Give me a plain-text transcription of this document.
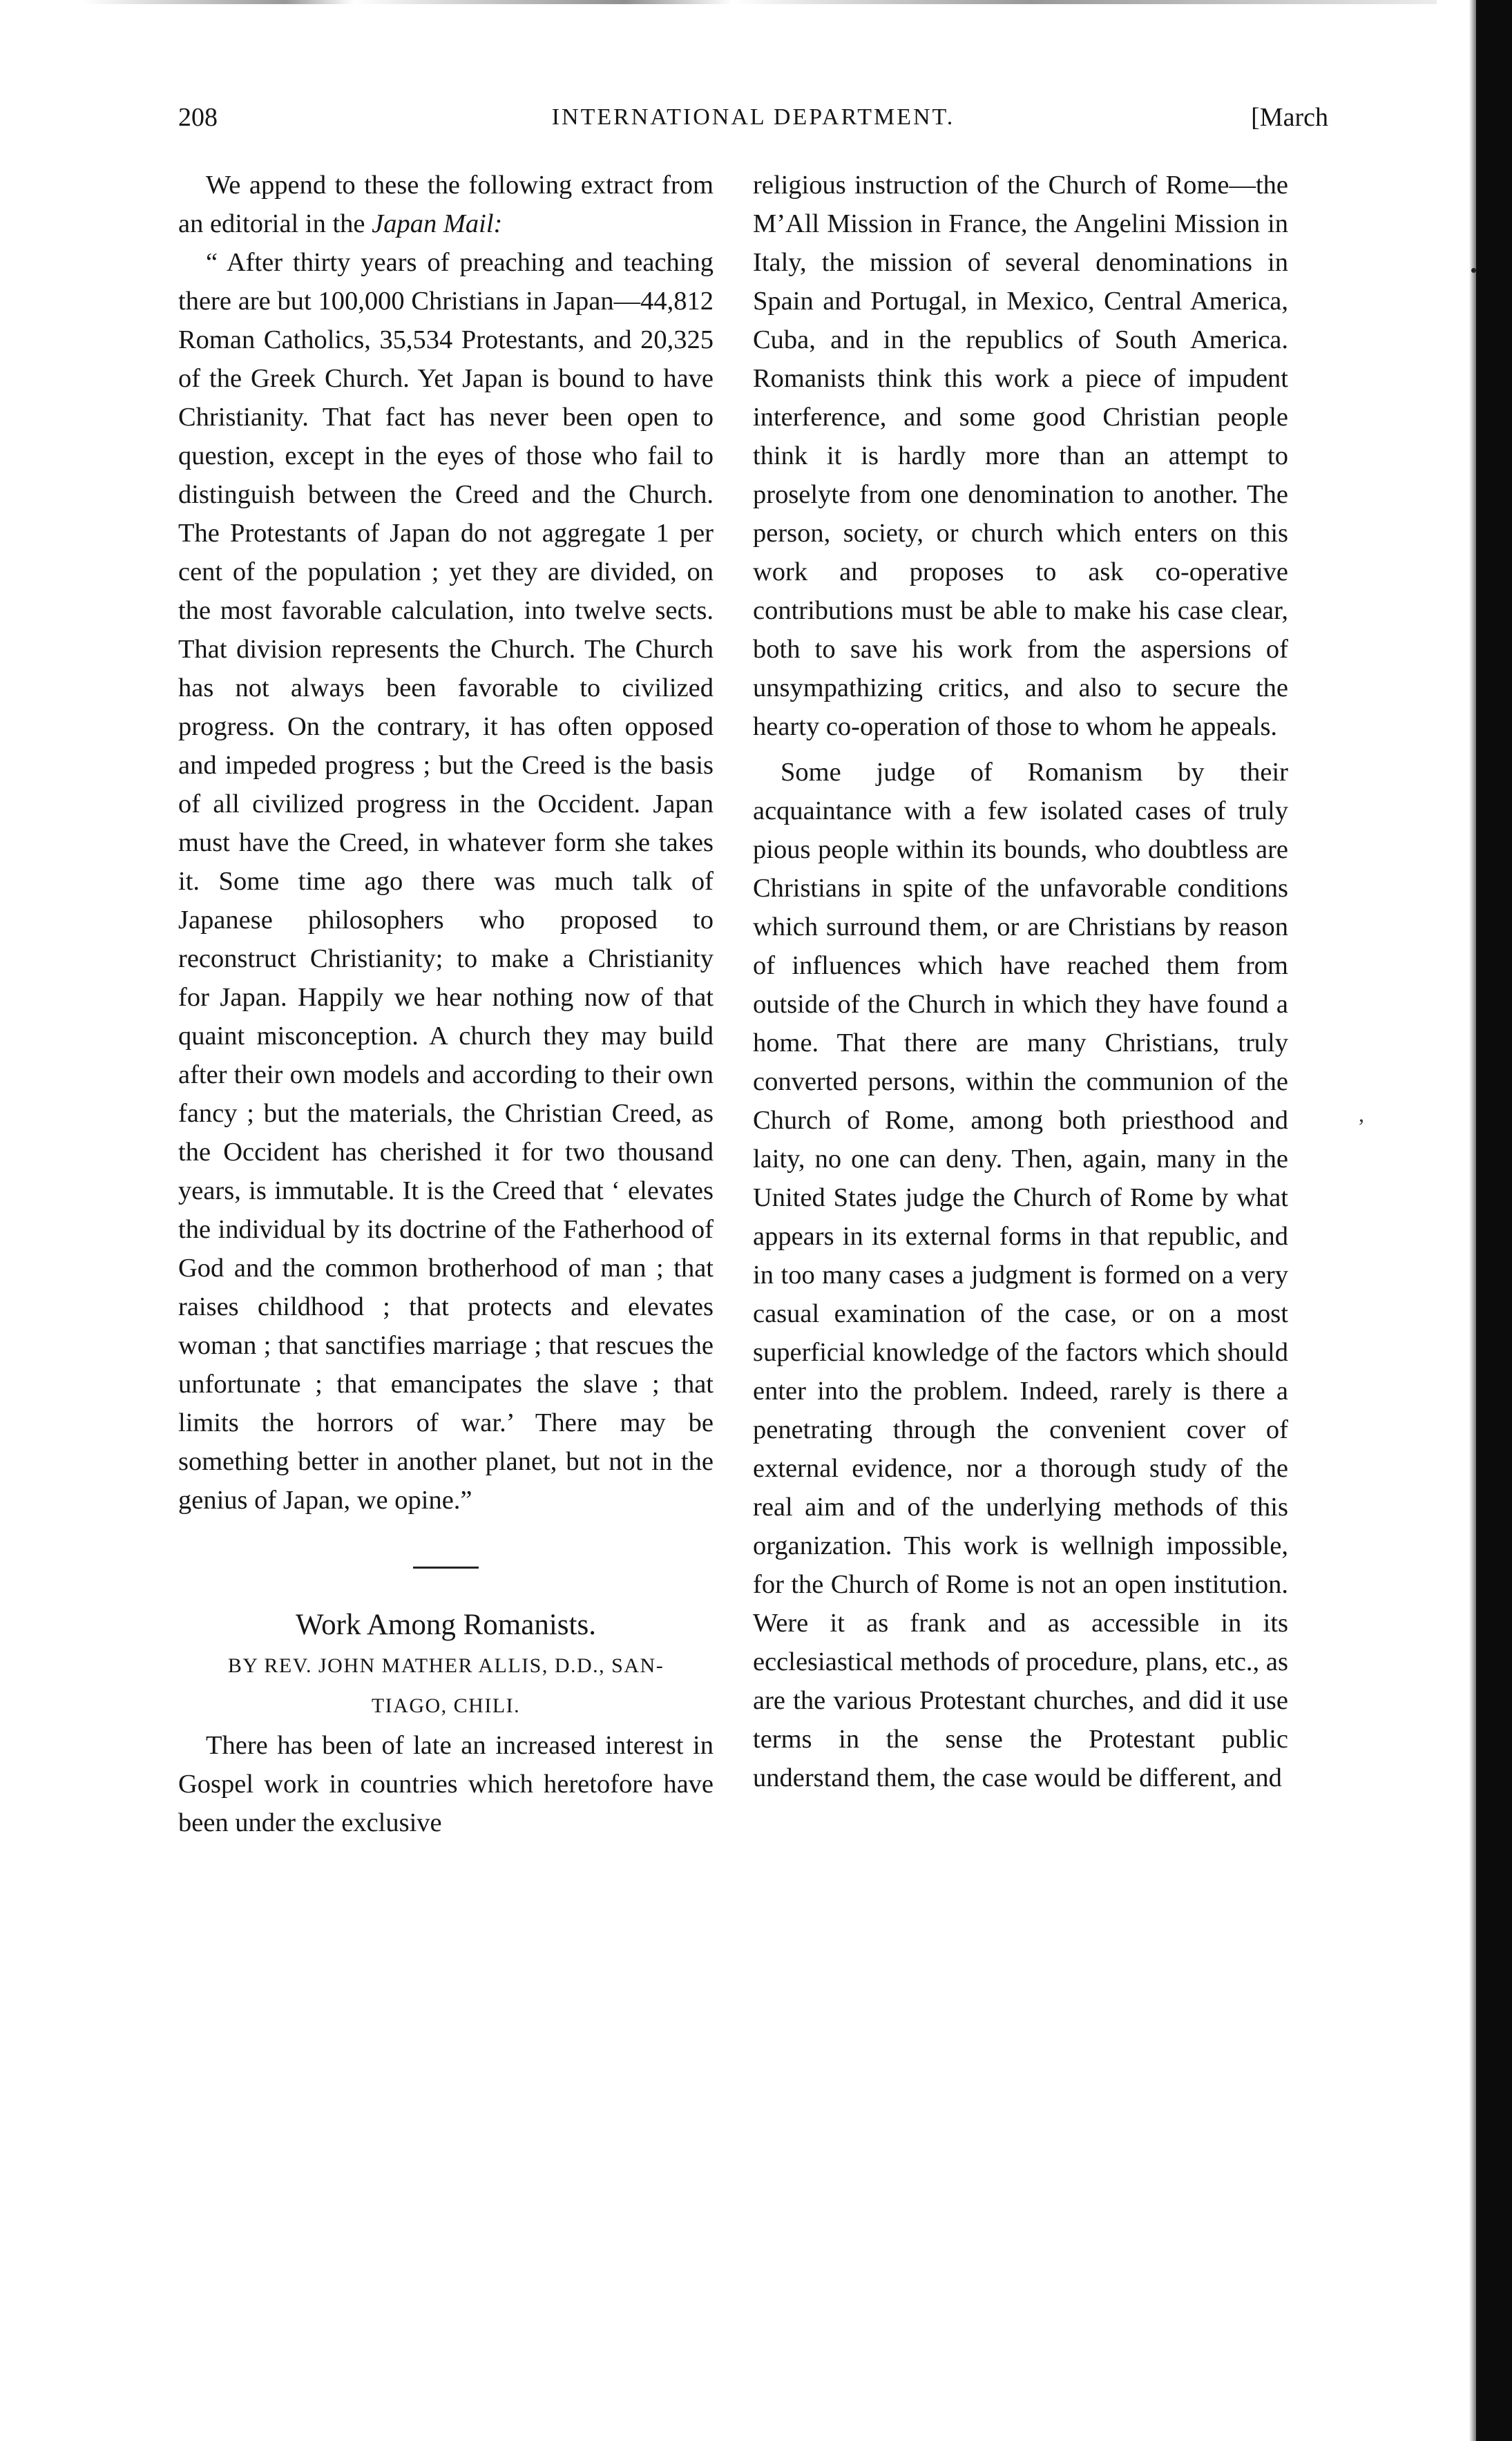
208	INTERNATIONAL DEPARTMENT.	[March

We append to these the following extract from an editorial in the Japan Mail:

“ After thirty years of preaching and teaching there are but 100,000 Christians in Japan—44,812 Roman Catholics, 35,534 Protestants, and 20,325 of the Greek Church. Yet Japan is bound to have Christianity. That fact has never been open to question, except in the eyes of those who fail to distinguish between the Creed and the Church. The Protestants of Japan do not aggregate 1 per cent of the population ; yet they are divided, on the most favorable calculation, into twelve sects. That division represents the Church. The Church has not always been favorable to civilized progress. On the contrary, it has often opposed and impeded progress ; but the Creed is the basis of all civilized progress in the Occident. Japan must have the Creed, in whatever form she takes it. Some time ago there was much talk of Japanese philosophers who proposed to reconstruct Christianity; to make a Christianity for Japan. Happily we hear nothing now of that quaint misconception. A church they may build after their own models and according to their own fancy ; but the materials, the Christian Creed, as the Occident has cherished it for two thousand years, is immutable. It is the Creed that ‘ elevates the individual by its doctrine of the Fatherhood of God and the common brotherhood of man ; that raises childhood ; that protects and elevates woman ; that sanctifies marriage ; that rescues the unfortunate ; that emancipates the slave ; that limits the horrors of war.’ There may be something better in another planet, but not in the genius of Japan, we opine.”

Work Among Romanists.

BY REV. JOHN MATHER ALLIS, D.D., SAN-
TIAGO, CHILI.

There has been of late an increased interest in Gospel work in countries which heretofore have been under the exclusive

religious instruction of the Church of Rome—the M’All Mission in France, the Angelini Mission in Italy, the mission of several denominations in Spain and Portugal, in Mexico, Central America, Cuba, and in the republics of South America. Romanists think this work a piece of impudent interference, and some good Christian people think it is hardly more than an attempt to proselyte from one denomination to another. The person, society, or church which enters on this work and proposes to ask co-operative contributions must be able to make his case clear, both to save his work from the aspersions of unsympathizing critics, and also to secure the hearty co-operation of those to whom he appeals.

Some judge of Romanism by their acquaintance with a few isolated cases of truly pious people within its bounds, who doubtless are Christians in spite of the unfavorable conditions which surround them, or are Christians by reason of influences which have reached them from outside of the Church in which they have found a home. That there are many Christians, truly converted persons, within the communion of the Church of Rome, among both priesthood and laity, no one can deny. Then, again, many in the United States judge the Church of Rome by what appears in its external forms in that republic, and in too many cases a judgment is formed on a very casual examination of the case, or on a most superficial knowledge of the factors which should enter into the problem. Indeed, rarely is there a penetrating through the convenient cover of external evidence, nor a thorough study of the real aim and of the underlying methods of this organization. This work is wellnigh impossible, for the Church of Rome is not an open institution. Were it as frank and as accessible in its ecclesiastical methods of procedure, plans, etc., as are the various Protestant churches, and did it use terms in the sense the Protestant public understand them, the case would be different, and

,
